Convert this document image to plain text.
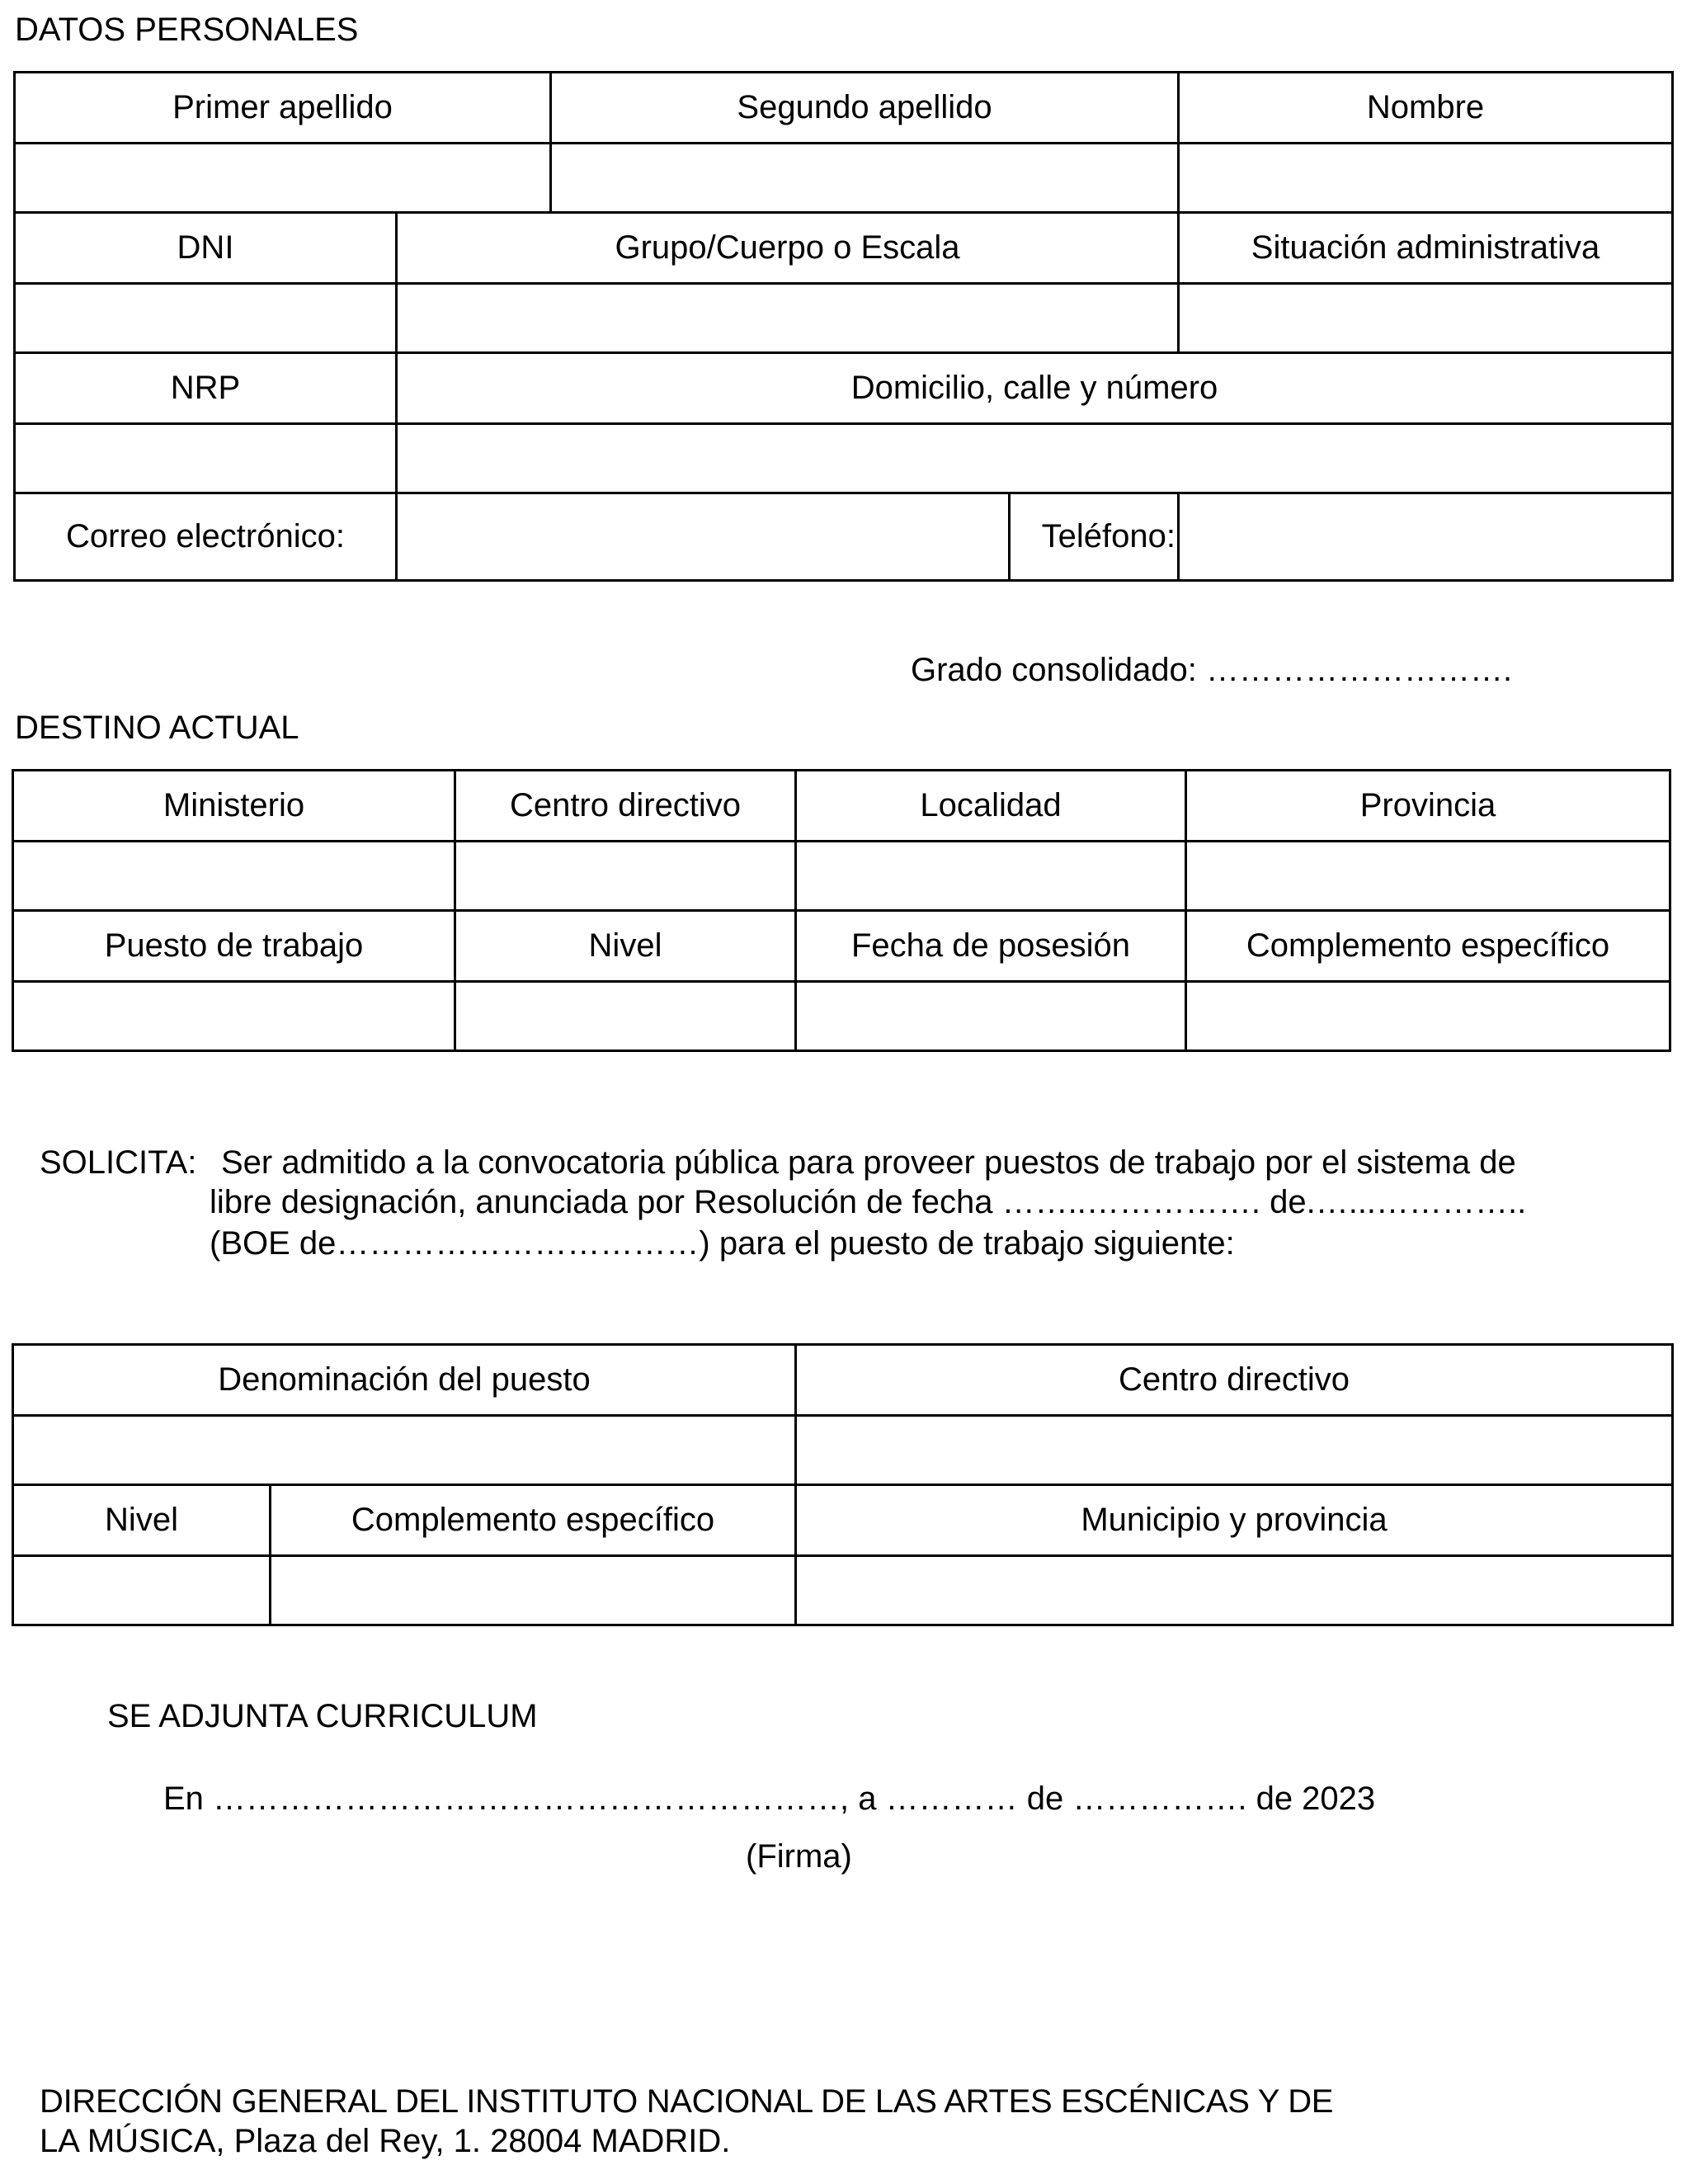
DATOS PERSONALES
Primer apellido		Segundo apellido		Nombre

DNI	Grupo/Cuerpo o Escala			Situación administrativa

NRP	Domicilio, calle y número			

Correo electrónico:			Teléfono:	
Grado consolidado: ……………………….
DESTINO ACTUAL
Ministerio	Centro directivo	Localidad	Provincia

Puesto de trabajo	Nivel	Fecha de posesión	Complemento específico

SOLICITA: Ser admitido a la convocatoria pública para proveer puestos de trabajo por el sistema de
libre designación, anunciada por Resolución de fecha ……..……………. de.…...…………..
(BOE de……………………………) para el puesto de trabajo siguiente:
Denominación del puesto		Centro directivo

Nivel	Complemento específico	Municipio y provincia

SE ADJUNTA CURRICULUM
En …………………………………………………, a ………… de ……………. de 2023
(Firma)
DIRECCIÓN GENERAL DEL INSTITUTO NACIONAL DE LAS ARTES ESCÉNICAS Y DE
LA MÚSICA, Plaza del Rey, 1. 28004 MADRID.
